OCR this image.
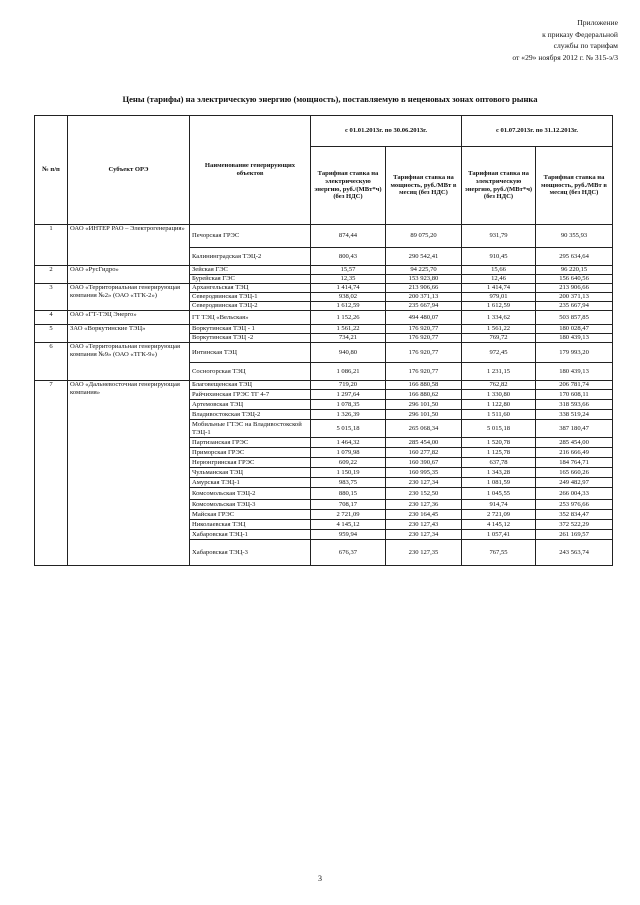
Приложение
к приказу Федеральной
службы по тарифам
от «29» ноября 2012 г. № 315-э/3
Цены (тарифы) на электрическую энергию (мощность), поставляемую в неценовых зонах оптового рынка
№ п/п	Субъект ОРЭ	Наименование генерирующих объектов	с 01.01.2013г. по 30.06.2013г.		с 01.07.2013г. по 31.12.2013г.	
			Тарифная ставка на электрическую энергию, руб./(МВт*ч) (без НДС)	Тарифная ставка на мощность, руб./МВт в месяц (без НДС)	Тарифная ставка на электрическую энергию, руб./(МВт*ч) (без НДС)	Тарифная ставка на мощность, руб./МВт в месяц (без НДС)
1	ОАО «ИНТЕР РАО – Электрогенерация»	Печорская ГРЭС	874,44	89 075,20	931,79	90 355,93
		Калининградская ТЭЦ-2	800,43	290 542,41	910,45	295 634,64
2	ОАО «РусГидро»	Зейская ГЭС	15,57	94 225,70	15,66	96 220,15
		Бурейская ГЭС	12,35	153 923,80	12,46	156 640,56
3	ОАО «Территориальная генерирующая компания №2» (ОАО «ТГК-2»)	Архангельская ТЭЦ	1 414,74	213 906,66	1 414,74	213 906,66
		Северодвинская ТЭЦ-1	938,02	200 371,13	979,01	200 371,13
		Северодвинская ТЭЦ-2	1 612,59	235 667,94	1 612,59	235 667,94
4	ОАО «ГТ-ТЭЦ Энерго»	ГТ ТЭЦ «Вельская»	1 152,26	494 480,07	1 334,62	503 857,85
5	ЗАО «Воркутинские ТЭЦ»	Воркутинская ТЭЦ - 1	1 561,22	176 920,77	1 561,22	180 028,47
		Воркутинская ТЭЦ -2	734,21	176 920,77	769,72	180 439,13
6	ОАО «Территориальная генерирующая компания №9» (ОАО «ТГК-9»)	Интинская ТЭЦ	940,80	176 920,77	972,45	179 993,20
		Сосногорская ТЭЦ	1 086,21	176 920,77	1 231,15	180 439,13
7	ОАО «Дальневосточная генерирующая компания»	Благовещенская ТЭЦ	719,20	166 880,58	762,82	206 781,74
		Райчихинская ГРЭС ТГ 4-7	1 297,64	166 880,62	1 330,80	170 608,11
		Артемовская ТЭЦ	1 078,35	296 101,50	1 122,80	318 593,66
		Владивостокская ТЭЦ-2	1 326,39	296 101,50	1 511,60	338 519,24
		Мобильные ГТЭС на Владивостокской ТЭЦ-1	5 015,18	265 068,34	5 015,18	387 180,47
		Партизанская ГРЭС	1 464,32	285 454,00	1 520,78	285 454,00
		Приморская ГРЭС	1 079,98	160 277,82	1 125,78	216 666,49
		Нерюнгринская ГРЭС	609,22	160 390,67	637,78	184 764,71
		Чульманская ТЭЦ	1 150,19	160 995,35	1 343,28	165 660,26
		Амурская ТЭЦ-1	983,75	230 127,34	1 081,59	249 482,97
		Комсомольская ТЭЦ-2	880,15	230 152,50	1 045,55	266 004,33
		Комсомольская ТЭЦ-3	708,17	230 127,36	914,74	253 976,66
		Майская ГРЭС	2 721,09	230 164,45	2 721,09	352 834,47
		Николаевская ТЭЦ	4 145,12	230 127,43	4 145,12	372 522,29
		Хабаровская ТЭЦ-1	959,94	230 127,34	1 057,41	261 169,57
		Хабаровская ТЭЦ-3	676,37	230 127,35	767,55	243 563,74
3
